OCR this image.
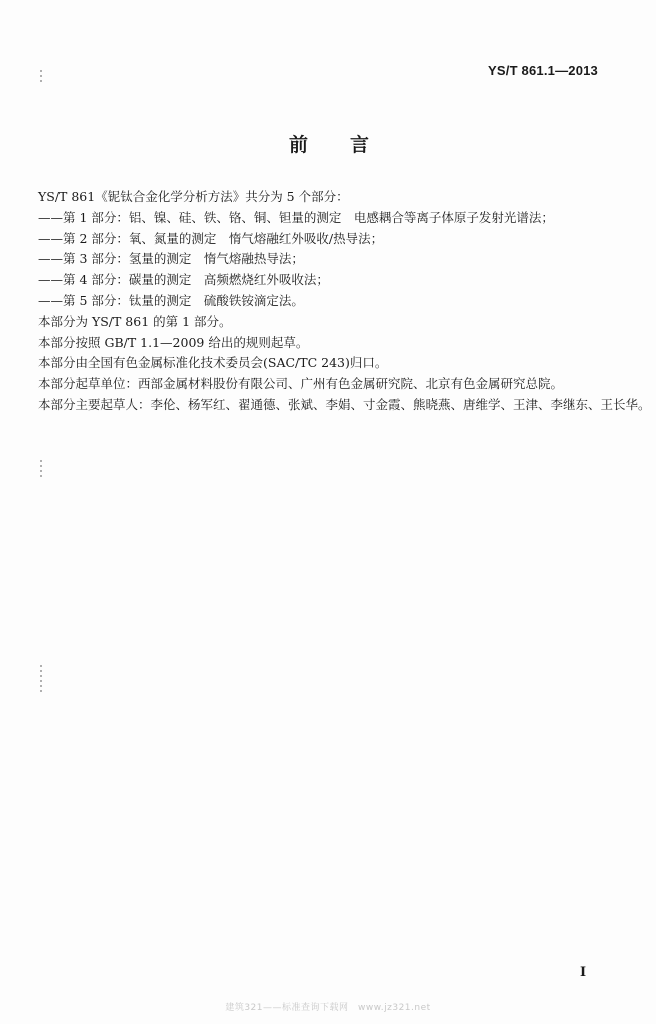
YS/T 861.1—2013
前言
YS/T 861《铌钛合金化学分析方法》共分为 5 个部分：
——第 1 部分：铝、镍、硅、铁、铬、铜、钽量的测定　电感耦合等离子体原子发射光谱法；
——第 2 部分：氧、氮量的测定　惰气熔融红外吸收/热导法；
——第 3 部分：氢量的测定　惰气熔融热导法；
——第 4 部分：碳量的测定　高频燃烧红外吸收法；
——第 5 部分：钛量的测定　硫酸铁铵滴定法。
本部分为 YS/T 861 的第 1 部分。
本部分按照 GB/T 1.1—2009 给出的规则起草。
本部分由全国有色金属标准化技术委员会(SAC/TC 243)归口。
本部分起草单位：西部金属材料股份有限公司、广州有色金属研究院、北京有色金属研究总院。
本部分主要起草人：李伦、杨军红、翟通德、张斌、李娟、寸金霞、熊晓燕、唐维学、王津、李继东、王长华。
I
建筑321——标准查询下载网　www.jz321.net
